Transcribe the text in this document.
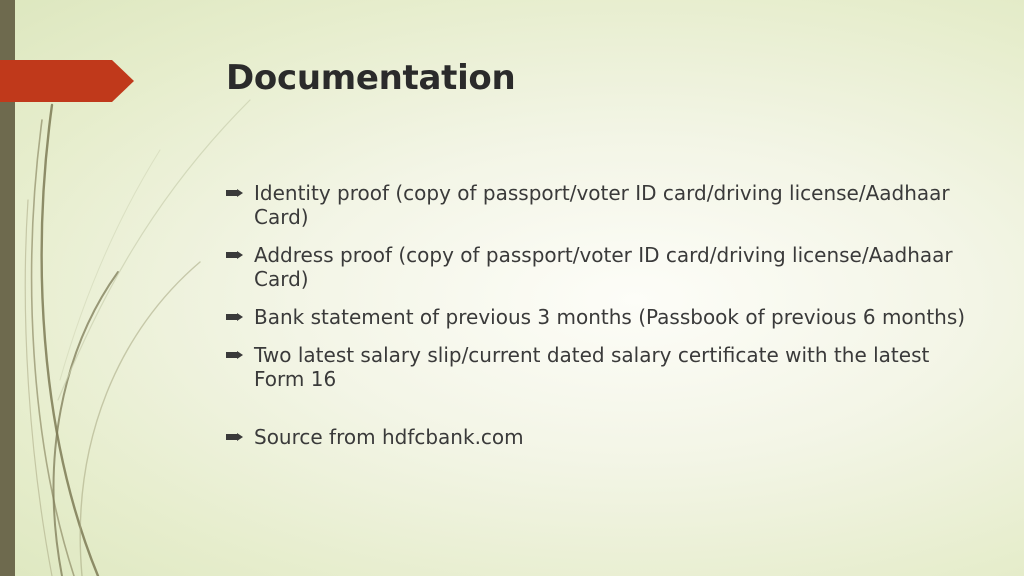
Documentation
Identity proof (copy of passport/voter ID card/driving license/Aadhaar Card)
Address proof (copy of passport/voter ID card/driving license/Aadhaar Card)
Bank statement of previous 3 months (Passbook of previous 6 months)
Two latest salary slip/current dated salary certificate with the latest Form 16
Source from hdfcbank.com
